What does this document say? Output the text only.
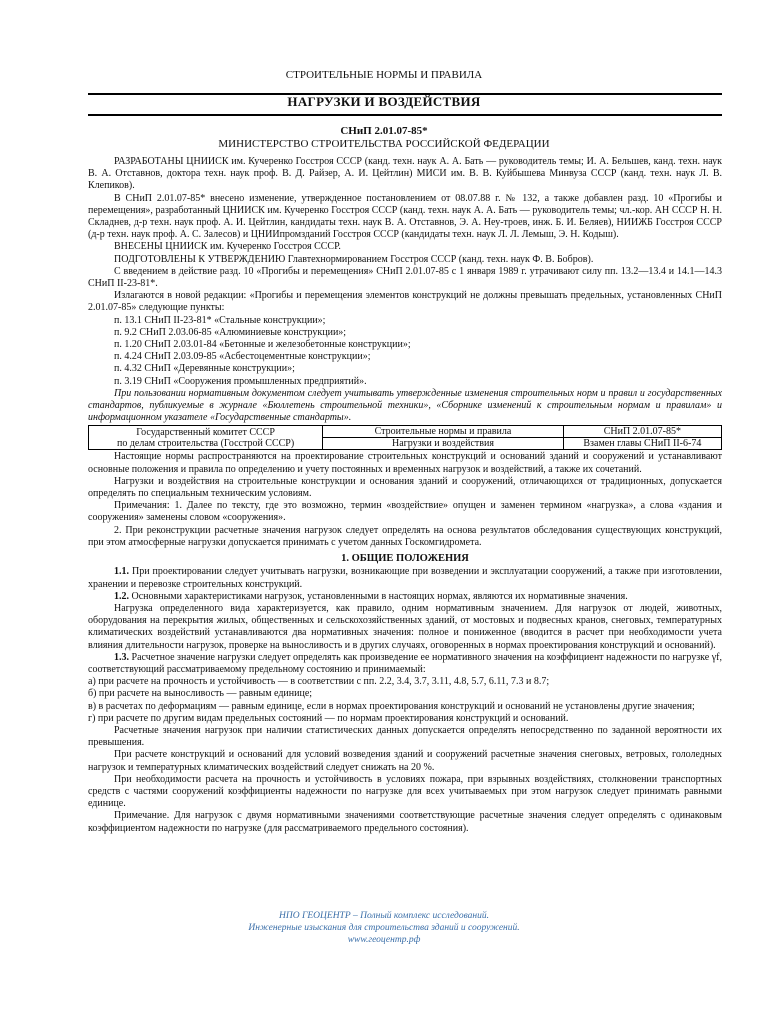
СТРОИТЕЛЬНЫЕ НОРМЫ И ПРАВИЛА
НАГРУЗКИ И ВОЗДЕЙСТВИЯ
СНиП 2.01.07-85*
МИНИСТЕРСТВО СТРОИТЕЛЬСТВА РОССИЙСКОЙ ФЕДЕРАЦИИ

РАЗРАБОТАНЫ ЦНИИСК им. Кучеренко Госстроя СССР (канд. техн. наук А. А. Бать — руководитель темы; И. А. Бельшев, канд. техн. наук В. А. Отставнов, доктора техн. наук проф. В. Д. Райзер, А. И. Цейтлин) МИСИ им. В. В. Куйбышева Минвуза СССР (канд. техн. наук Л. В. Клепиков).

В СНиП 2.01.07-85* внесено изменение, утвержденное постановлением от 08.07.88 г. № 132, а также добавлен разд. 10 «Прогибы и перемещения», разработанный ЦНИИСК им. Кучеренко Госстроя СССР (канд. техн. наук А. А. Бать — руководитель темы; чл.-кор. АН СССР Н. Н. Складнев, д-р техн. наук проф. А. И. Цейтлин, кандидаты техн. наук В. А. Отставнов, Э. А. Неу-троев, инж. Б. И. Беляев), НИИЖБ Госстроя СССР (д-р техн. наук проф. А. С. Залесов) и ЦНИИпромзданий Госстроя СССР (кандидаты техн. наук Л. Л. Лемыш, Э. Н. Кодыш).

ВНЕСЕНЫ ЦНИИСК им. Кучеренко Госстроя СССР.

ПОДГОТОВЛЕНЫ К УТВЕРЖДЕНИЮ Главтехнормированием Госстроя СССР (канд. техн. наук Ф. В. Бобров).

С введением в действие разд. 10 «Прогибы и перемещения» СНиП 2.01.07-85 с 1 января 1989 г. утрачивают силу пп. 13.2—13.4 и 14.1—14.3 СНиП II-23-81*.

Излагаются в новой редакции: «Прогибы и перемещения элементов конструкций не должны превышать предельных, установленных СНиП 2.01.07-85» следующие пункты:

п. 13.1 СНиП II-23-81* «Стальные конструкции»;

п. 9.2 СНиП 2.03.06-85 «Алюминиевые конструкции»;

п. 1.20 СНиП 2.03.01-84 «Бетонные и железобетонные конструкции»;

п. 4.24 СНиП 2.03.09-85 «Асбестоцементные конструкции»;

п. 4.32 СНиП «Деревянные конструкции»;

п. 3.19 СНиП «Сооружения промышленных предприятий».

При пользовании нормативным документом следует учитывать утвержденные изменения строительных норм и правил и государственных стандартов, публикуемые в журнале «Бюллетень строительной техники», «Сборнике изменений к строительным нормам и правилам» и информационном указателе «Государственные стандарты».

Государственный комитет СССР
по делам строительства (Госстрой СССР)	Строительные нормы и правила	СНиП 2.01.07-85*
	Нагрузки и воздействия	Взамен главы СНиП II-6-74

Настоящие нормы распространяются на проектирование строительных конструкций и оснований зданий и сооружений и устанавливают основные положения и правила по определению и учету постоянных и временных нагрузок и воздействий, а также их сочетаний.

Нагрузки и воздействия на строительные конструкции и основания зданий и сооружений, отличающихся от традиционных, допускается определять по специальным техническим условиям.

Примечания: 1. Далее по тексту, где это возможно, термин «воздействие» опущен и заменен термином «нагрузка», а слова «здания и сооружения» заменены словом «сооружения».

2. При реконструкции расчетные значения нагрузок следует определять на основа результатов обследования существующих конструкций, при этом атмосферные нагрузки допускается принимать с учетом данных Госкомгидромета.

1. ОБЩИЕ ПОЛОЖЕНИЯ

1.1. При проектировании следует учитывать нагрузки, возникающие при возведении и эксплуатации сооружений, а также при изготовлении, хранении и перевозке строительных конструкций.

1.2. Основными характеристиками нагрузок, установленными в настоящих нормах, являются их нормативные значения.

Нагрузка определенного вида характеризуется, как правило, одним нормативным значением. Для нагрузок от людей, животных, оборудования на перекрытия жилых, общественных и сельскохозяйственных зданий, от мостовых и подвесных кранов, снеговых, температурных климатических воздействий устанавливаются два нормативных значения: полное и пониженное (вводится в расчет при необходимости учета влияния длительности нагрузок, проверке на выносливость и в других случаях, оговоренных в нормах проектирования конструкций и оснований).

1.3. Расчетное значение нагрузки следует определять как произведение ее нормативного значения на коэффициент надежности по нагрузке γf, соответствующий рассматриваемому предельному состоянию и принимаемый:

а) при расчете на прочность и устойчивость — в соответствии с пп. 2.2, 3.4, 3.7, 3.11, 4.8, 5.7, 6.11, 7.3 и 8.7;

б) при расчете на выносливость — равным единице;

в) в расчетах по деформациям — равным единице, если в нормах проектирования конструкций и оснований не установлены другие значения;

г) при расчете по другим видам предельных состояний — по нормам проектирования конструкций и оснований.

Расчетные значения нагрузок при наличии статистических данных допускается определять непосредственно по заданной вероятности их превышения.

При расчете конструкций и оснований для условий возведения зданий и сооружений расчетные значения снеговых, ветровых, гололедных нагрузок и температурных климатических воздействий следует снижать на 20 %.

При необходимости расчета на прочность и устойчивость в условиях пожара, при взрывных воздействиях, столкновении транспортных средств с частями сооружений коэффициенты надежности по нагрузке для всех учитываемых при этом нагрузок следует принимать равными единице.

Примечание. Для нагрузок с двумя нормативными значениями соответствующие расчетные значения следует определять с одинаковым коэффициентом надежности по нагрузке (для рассматриваемого предельного состояния).

НПО ГЕОЦЕНТР – Полный комплекс исследований.
Инженерные изыскания для строительства зданий и сооружений.
www.геоцентр.рф
